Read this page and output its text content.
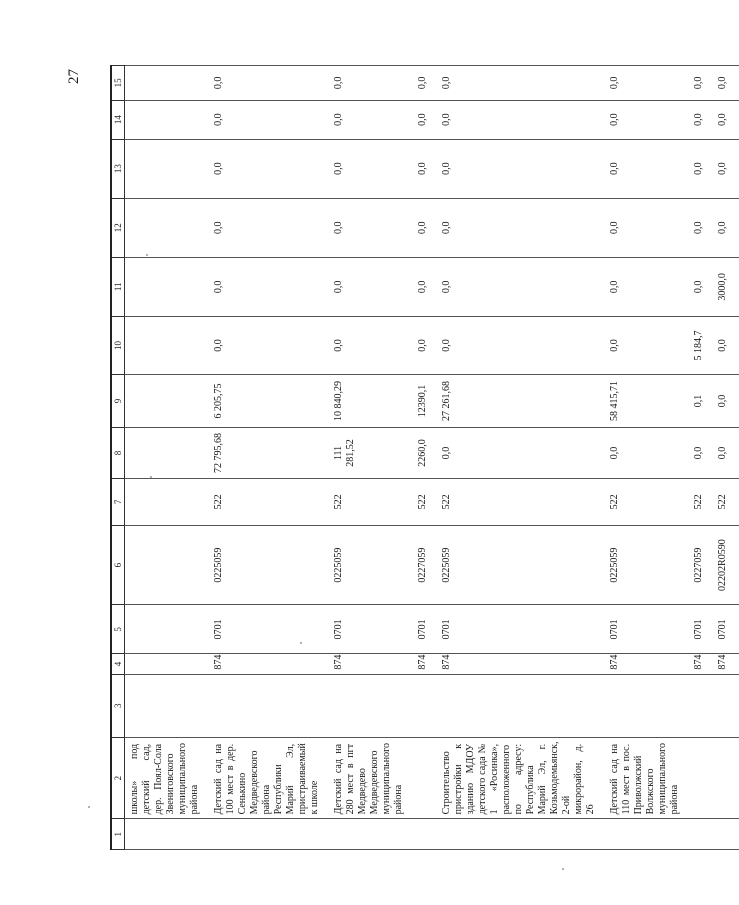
27
1	2	3	4	5	6	7	8	9	10	11	12	13	14	15
	школы» под детский сад, дер. Поял-Сола Звениговского муниципального района													
	Детский сад на 100 мест в дер. Сенькино Медведевского района Республики Марий Эл, пристраиваемый к школе		874	0701	0225059	522	72 795,68	6 205,75	0,0	0,0	0,0	0,0	0,0	0,0
	Детский сад на 280 мест в пгт Медведево Медведевского муниципального района		874	0701	0225059	522	111 281,52	10 840,29	0,0	0,0	0,0	0,0	0,0	0,0
			874	0701	0227059	522	2260,0	12390,1	0,0	0,0	0,0	0,0	0,0	0,0
	Строительство пристройки к зданию МДОУ детского сада № 1 «Росинка», расположенного по адресу: Республика Марий Эл, г. Козьмодемьянск, 2-ой микрорайон, д. 26		874	0701	0225059	522	0,0	27 261,68	0,0	0,0	0,0	0,0	0,0	0,0
	Детский сад на 110 мест в пос. Приволжский Волжского муниципального района		874	0701	0225059	522	0,0	58 415,71	0,0	0,0	0,0	0,0	0,0	0,0
			874	0701	0227059	522	0,0	0,1	5 184,7	0,0	0,0	0,0	0,0	0,0
			874	0701	02202R0590	522	0,0	0,0	0,0	3000,0	0,0	0,0	0,0	0,0
